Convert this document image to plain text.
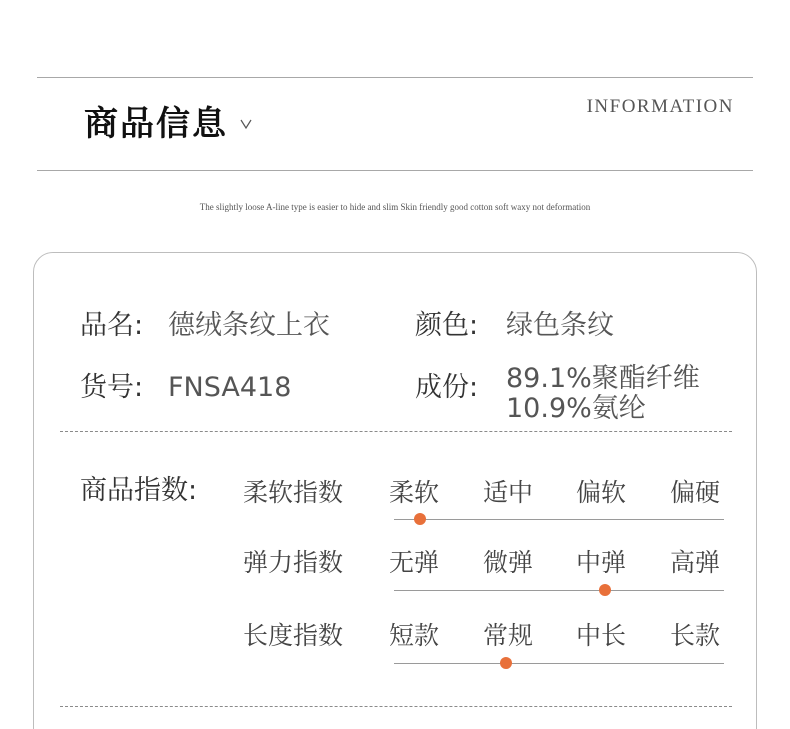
商品信息	INFORMATION
The slightly loose A-line type is easier to hide and slim Skin friendly good cotton soft waxy not deformation
品名: 德绒条纹上衣	颜色: 绿色条纹
货号: FNSA418	成份: 89.1%聚酯纤维
10.9%氨纶
商品指数: 柔软指数 柔软 适中 偏软 偏硬
弹力指数 无弹 微弹 中弹 高弹
长度指数 短款 常规 中长 长款
